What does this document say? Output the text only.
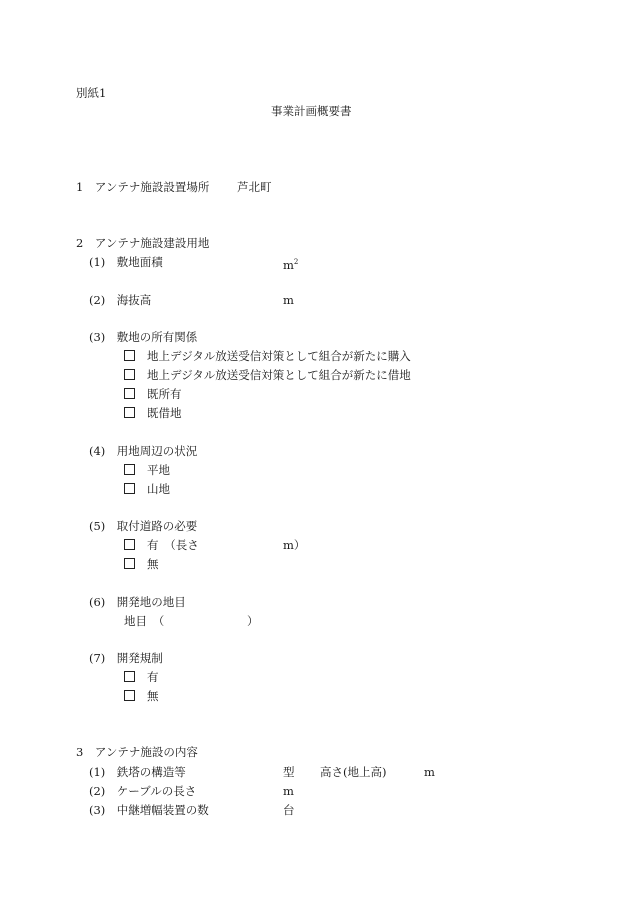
別紙1
事業計画概要書
1　アンテナ施設設置場所 芦北町
2　アンテナ施設建設用地
(1)　敷地面積	$m^2$
(2)　海抜高	m
(3)　敷地の所有関係
地上デジタル放送受信対策として組合が新たに購入
地上デジタル放送受信対策として組合が新たに借地
既所有
既借地
(4)　用地周辺の状況
平地
山地
(5)　取付道路の必要
有　（長さ	m）
無
(6)　開発地の地目
地目　（	）
(7)　開発規制
有
無
3　アンテナ施設の内容
(1)　鉄塔の構造等	型 高さ(地上高)	m
(2)　ケーブルの長さ	m
(3)　中継増幅装置の数	台
